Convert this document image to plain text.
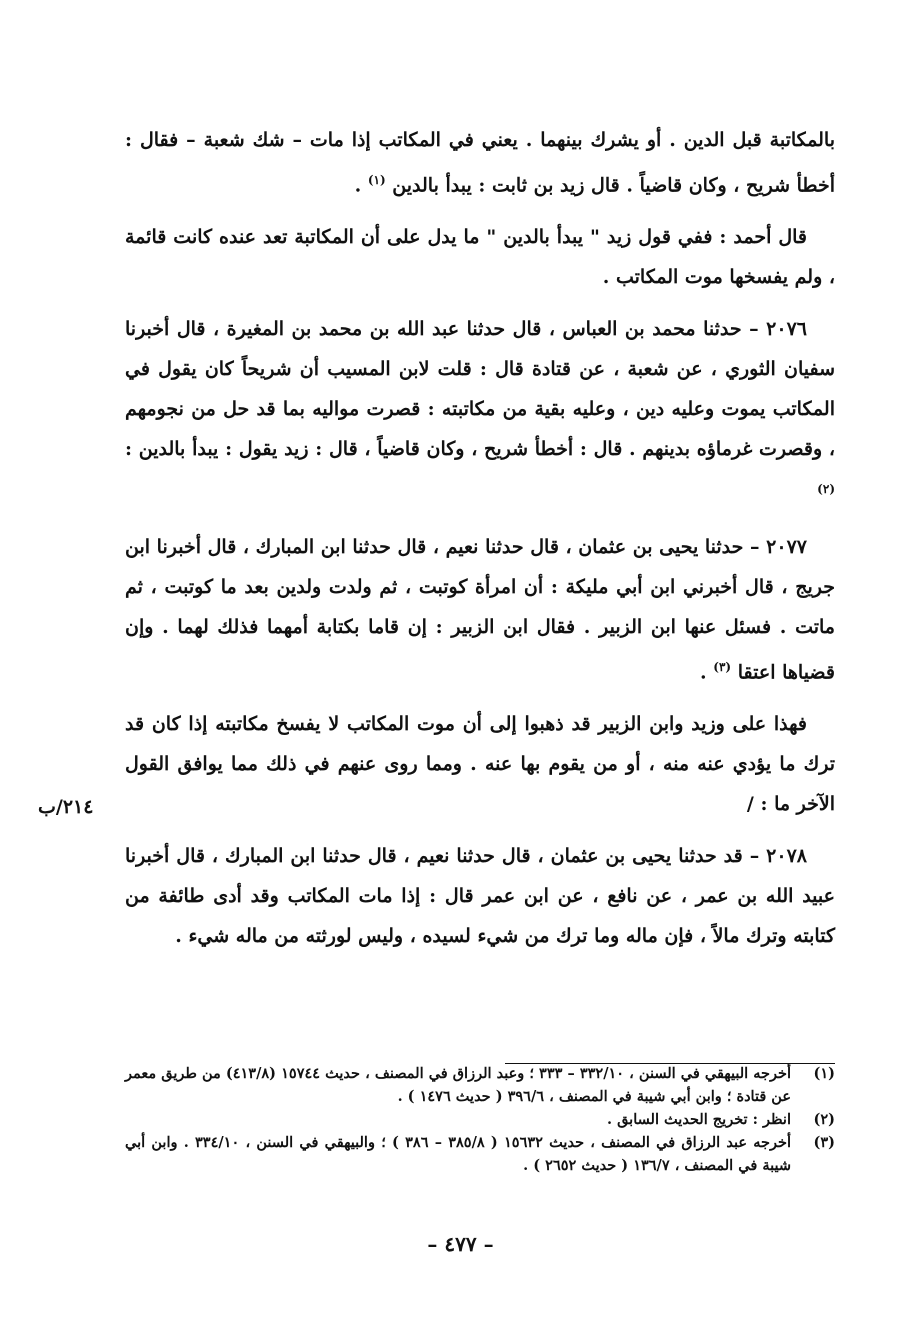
بالمكاتبة قبل الدين . أو يشرك بينهما . يعني في المكاتب إذا مات – شك شعبة – فقال : أخطأ شريح ، وكان قاضياً . قال زيد بن ثابت : يبدأ بالدين $^{(١)}$ .

قال أحمد : ففي قول زيد " يبدأ بالدين " ما يدل على أن المكاتبة تعد عنده كانت قائمة ، ولم يفسخها موت المكاتب .

٢٠٧٦ – حدثنا محمد بن العباس ، قال حدثنا عبد الله بن محمد بن المغيرة ، قال أخبرنا سفيان الثوري ، عن شعبة ، عن قتادة قال : قلت لابن المسيب أن شريحاً كان يقول في المكاتب يموت وعليه دين ، وعليه بقية من مكاتبته : قصرت مواليه بما قد حل من نجومهم ، وقصرت غرماؤه بدينهم . قال : أخطأ شريح ، وكان قاضياً ، قال : زيد يقول : يبدأ بالدين : $^{(٢)}$

٢٠٧٧ – حدثنا يحيى بن عثمان ، قال حدثنا نعيم ، قال حدثنا ابن المبارك ، قال أخبرنا ابن جريج ، قال أخبرني ابن أبي مليكة : أن امرأة كوتبت ، ثم ولدت ولدين بعد ما كوتبت ، ثم ماتت . فسئل عنها ابن الزبير . فقال ابن الزبير : إن قاما بكتابة أمهما فذلك لهما . وإن قضياها اعتقا $^{(٣)}$ .

فهذا على وزيد وابن الزبير قد ذهبوا إلى أن موت المكاتب لا يفسخ مكاتبته إذا كان قد ترك ما يؤدي عنه منه ، أو من يقوم بها عنه . ومما روى عنهم في ذلك مما يوافق القول الآخر ما : /

٢٠٧٨ – قد حدثنا يحيى بن عثمان ، قال حدثنا نعيم ، قال حدثنا ابن المبارك ، قال أخبرنا عبيد الله بن عمر ، عن نافع ، عن ابن عمر قال : إذا مات المكاتب وقد أدى طائفة من كتابته وترك مالاً ، فإن ماله وما ترك من شيء لسيده ، وليس لورثته من ماله شيء .

٢١٤/ب
(١)
أخرجه البيهقي في السنن ، ٣٣٢/١٠ – ٣٣٣ ؛ وعبد الرزاق في المصنف ، حديث ١٥٧٤٤ (٤١٣/٨) من طريق معمر عن قتادة ؛ وابن أبي شيبة في المصنف ، ٣٩٦/٦ ( حديث ١٤٧٦ ) .
(٢)
انظر : تخريج الحديث السابق .
(٣)
أخرجه عبد الرزاق في المصنف ، حديث ١٥٦٣٢ ( ٣٨٥/٨ – ٣٨٦ ) ؛ والبيهقي في السنن ، ٣٣٤/١٠ . وابن أبي شيبة في المصنف ، ١٣٦/٧ ( حديث ٢٦٥٢ ) .
– ٤٧٧ –
